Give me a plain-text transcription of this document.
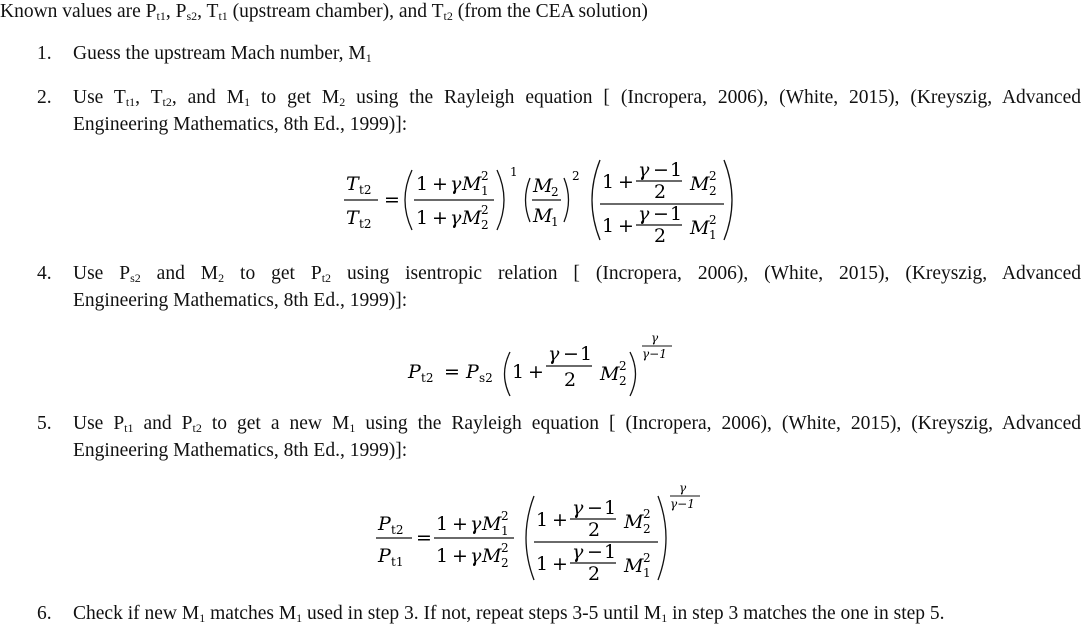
Known values are $P_{t1}$, $P_{s2}$, $T_{t1}$ (upstream chamber), and $T_{t2}$ (from the CEA solution)
1. Guess the upstream Mach number, $M_1$
2. Use $T_{t1}$, $T_{t2}$, and $M_1$ to get $M_2$ using the Rayleigh equation [ (Incropera, 2006), (White, 2015), (Kreyszig, Advanced
Engineering Mathematics, 8th Ed., 1999)]:
T t2
T t2
=
1 + γ M 2
1
1 + γ M 2
2
1
M
2
M
1
2 1 +
γ − 1
2 M 2
2
1 +
γ − 1
2 M 2
1
4. Use $P_{s2}$ and $M_2$ to get $P_{t2}$ using isentropic relation [ (Incropera, 2006), (White, 2015), (Kreyszig, Advanced
Engineering Mathematics, 8th Ed., 1999)]:
P t2 = P s2 1 +
γ − 1
2 M 2
2
γ
γ−1
5. Use $P_{t1}$ and $P_{t2}$ to get a new $M_1$ using the Rayleigh equation [ (Incropera, 2006), (White, 2015), (Kreyszig, Advanced
Engineering Mathematics, 8th Ed., 1999)]:
P t2
P t1
=
1 + γ M 2
1
1 + γ M 2
2
1 +
γ − 1
2 M 2
2
1 +
γ − 1
2 M 2
1
γ
γ−1
6. Check if new $M_1$ matches $M_1$ used in step 3. If not, repeat steps 3-5 until $M_1$ in step 3 matches the one in step 5.
